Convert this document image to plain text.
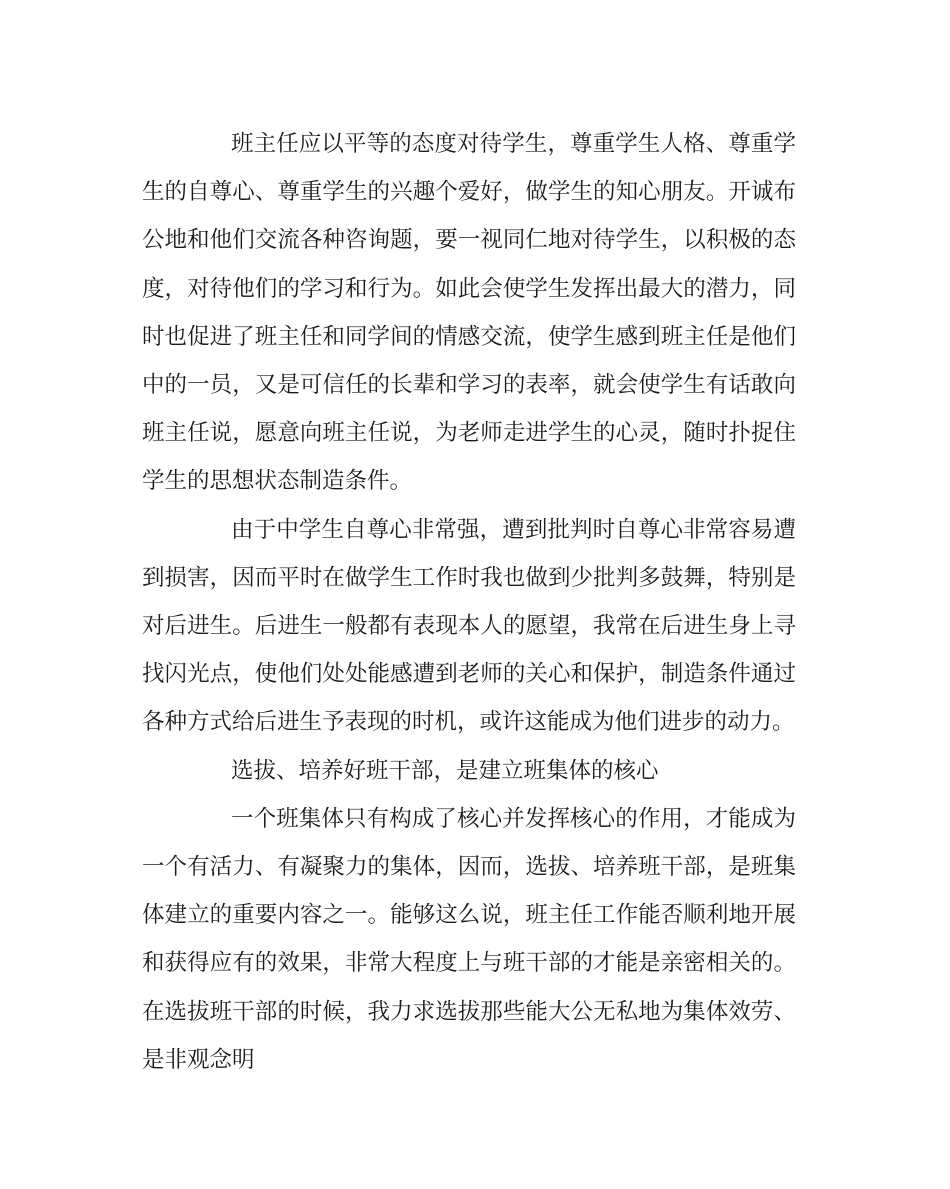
班主任应以平等的态度对待学生，尊重学生人格、尊重学生的自尊心、尊重学生的兴趣个爱好，做学生的知心朋友。开诚布公地和他们交流各种咨询题，要一视同仁地对待学生，以积极的态度，对待他们的学习和行为。如此会使学生发挥出最大的潜力，同时也促进了班主任和同学间的情感交流，使学生感到班主任是他们中的一员，又是可信任的长辈和学习的表率，就会使学生有话敢向班主任说，愿意向班主任说，为老师走进学生的心灵，随时扑捉住学生的思想状态制造条件。

由于中学生自尊心非常强，遭到批判时自尊心非常容易遭到损害，因而平时在做学生工作时我也做到少批判多鼓舞，特别是对后进生。后进生一般都有表现本人的愿望，我常在后进生身上寻找闪光点，使他们处处能感遭到老师的关心和保护，制造条件通过各种方式给后进生予表现的时机，或许这能成为他们进步的动力。

选拔、培养好班干部，是建立班集体的核心

一个班集体只有构成了核心并发挥核心的作用，才能成为一个有活力、有凝聚力的集体，因而，选拔、培养班干部，是班集体建立的重要内容之一。能够这么说，班主任工作能否顺利地开展和获得应有的效果，非常大程度上与班干部的才能是亲密相关的。在选拔班干部的时候，我力求选拔那些能大公无私地为集体效劳、是非观念明
